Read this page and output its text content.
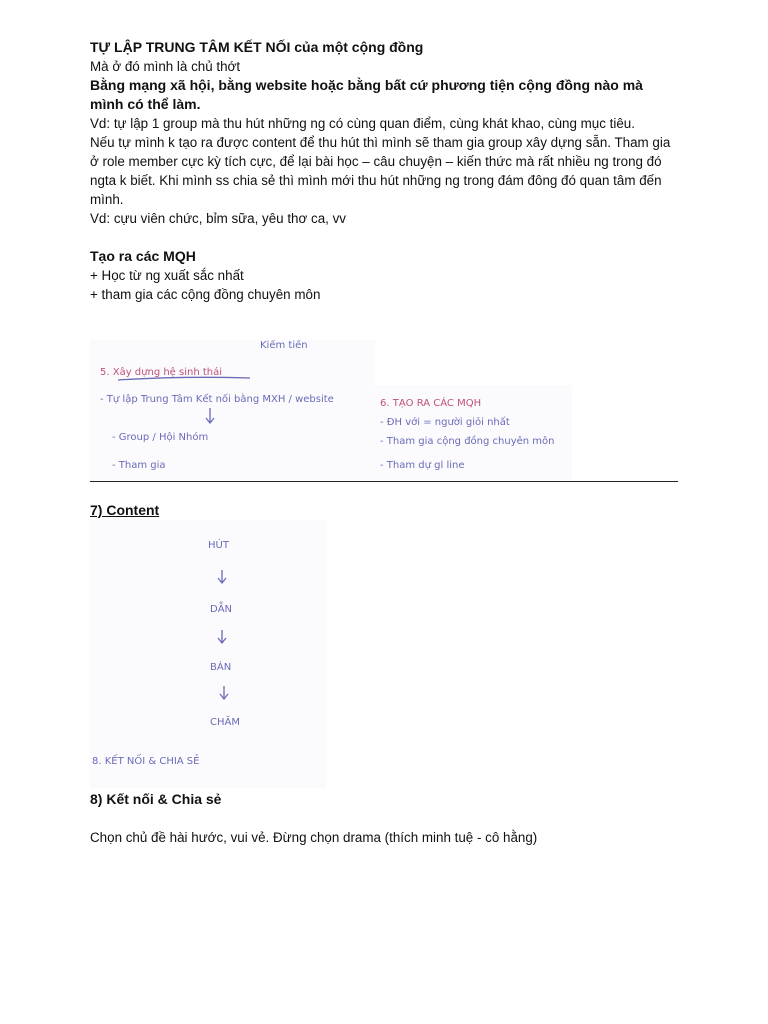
TỰ LẬP TRUNG TÂM KẾT NỐI của một cộng đồng

Mà ở đó mình là chủ thớt

Bằng mạng xã hội, bằng website hoặc bằng bất cứ phương tiện cộng đồng nào mà mình có thể làm.

Vd: tự lập 1 group mà thu hút những ng có cùng quan điểm, cùng khát khao, cùng mục tiêu.

Nếu tự mình k tạo ra được content để thu hút thì mình sẽ tham gia group xây dựng sẵn. Tham gia ở role member cực kỳ tích cực, để lại bài học – câu chuyện – kiến thức mà rất nhiều ng trong đó ngta k biết. Khi mình ss chia sẻ thì mình mới thu hút những ng trong đám đông đó quan tâm đến mình.

Vd: cựu viên chức, bỉm sữa, yêu thơ ca, vv

Tạo ra các MQH

+ Học từ ng xuất sắc nhất

+ tham gia các cộng đồng chuyên môn

Kiếm tiền
5. Xây dựng hệ sinh thái
- Tự lập Trung Tâm Kết nối bằng MXH / website
- Group / Hội Nhóm
- Tham gia
6. TẠO RA CÁC MQH
- ĐH với = người giỏi nhất
- Tham gia cộng đồng chuyên môn
- Tham dự gl line

7) Content

HÚT
DẪN
BÁN
CHĂM
8. KẾT NỐI & CHIA SẺ

8) Kết nối & Chia sẻ

Chọn chủ đề hài hước, vui vẻ. Đừng chọn drama (thích minh tuệ - cô hằng)
